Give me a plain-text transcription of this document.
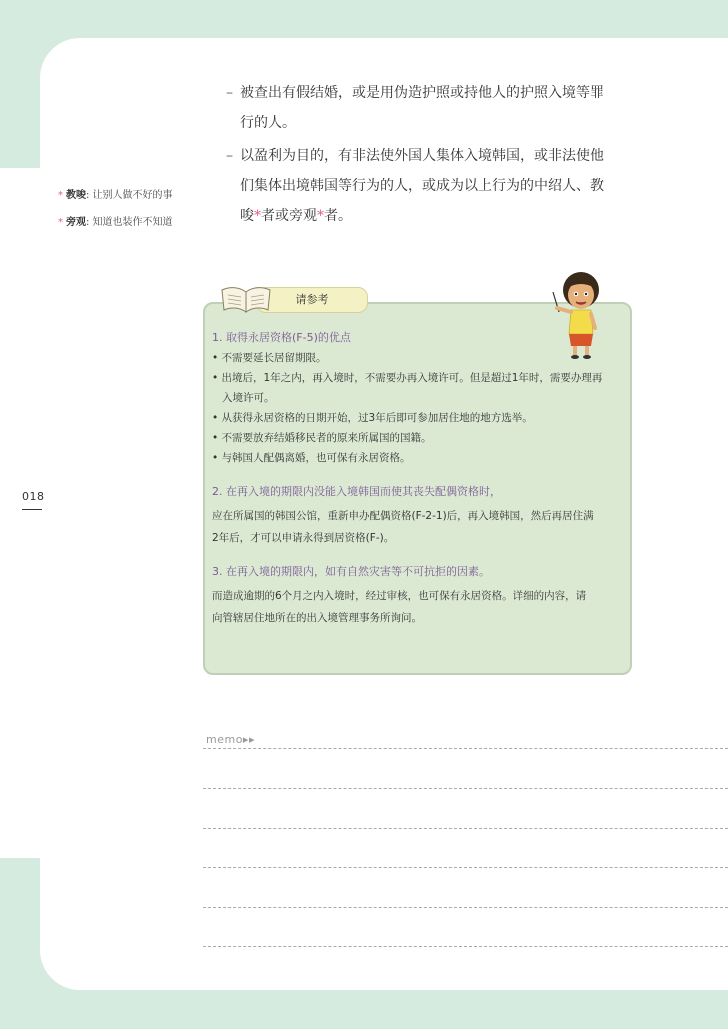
* 教唆: 让别人做不好的事
* 旁观: 知道也装作不知道
018

– 被查出有假结婚，或是用伪造护照或持他人的护照入境等罪
行的人。

– 以盈利为目的，有非法使外国人集体入境韩国，或非法使他
们集体出境韩国等行为的人，或成为以上行为的中绍人、教
唆*者或旁观*者。

请参考
1. 取得永居资格(F-5)的优点
• 不需要延长居留期限。
• 出境后，1年之内，再入境时，不需要办再入境许可。但是超过1年时，需要办理再
入境许可。
• 从获得永居资格的日期开始，过3年后即可参加居住地的地方选举。
• 不需要放弃结婚移民者的原来所属国的国籍。
• 与韩国人配偶离婚，也可保有永居资格。
2. 在再入境的期限内没能入境韩国而使其丧失配偶资格时，
应在所属国的韩国公馆，重新申办配偶资格(F-2-1)后，再入境韩国，然后再居住满
2年后，才可以申请永得到居资格(F-)。
3. 在再入境的期限内，如有自然灾害等不可抗拒的因素。
而造成逾期的6个月之内入境时，经过审核，也可保有永居资格。详细的内容，请
向管辖居住地所在的出入境管理事务所询问。
memo▸▸
